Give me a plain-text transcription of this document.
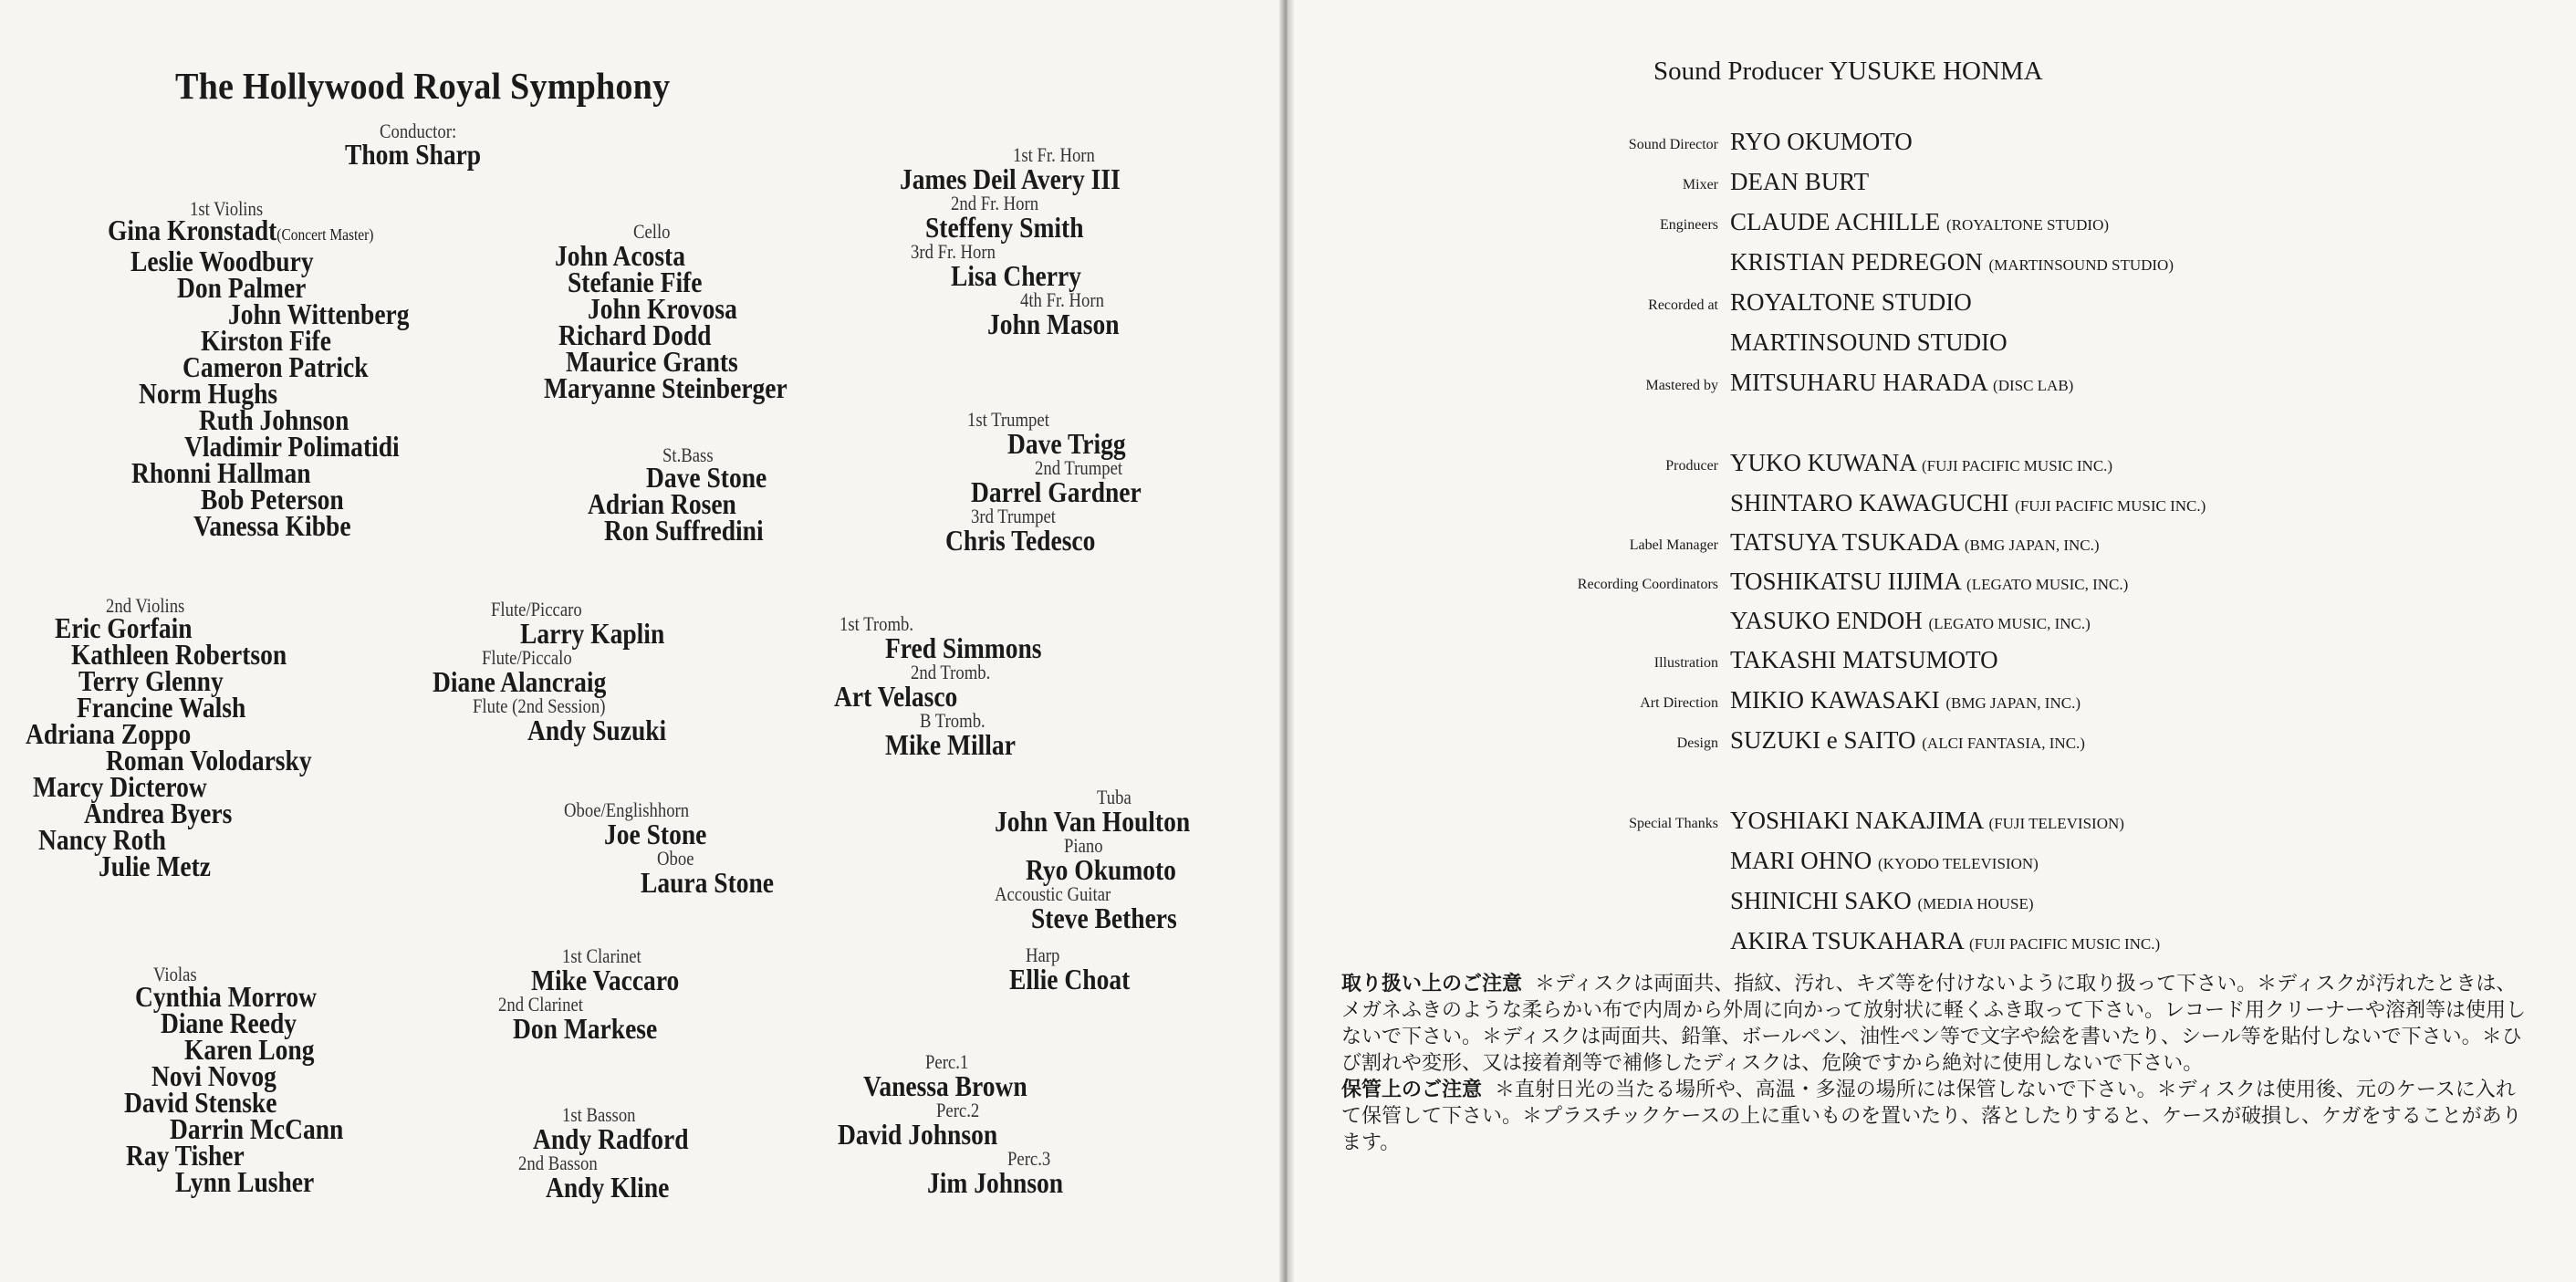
The Hollywood Royal Symphony
Conductor:
Thom Sharp
1st Violins
Gina Kronstadt(Concert Master)
Leslie Woodbury
Don Palmer
John Wittenberg
Kirston Fife
Cameron Patrick
Norm Hughs
Ruth Johnson
Vladimir Polimatidi
Rhonni Hallman
Bob Peterson
Vanessa Kibbe
Cello
John Acosta
Stefanie Fife
John Krovosa
Richard Dodd
Maurice Grants
Maryanne Steinberger
St.Bass
Dave Stone
Adrian Rosen
Ron Suffredini
1st Fr. Horn
James Deil Avery III
2nd Fr. Horn
Steffeny Smith
3rd Fr. Horn
Lisa Cherry
4th Fr. Horn
John Mason
1st Trumpet
Dave Trigg
2nd Trumpet
Darrel Gardner
3rd Trumpet
Chris Tedesco
2nd Violins
Eric Gorfain
Kathleen Robertson
Terry Glenny
Francine Walsh
Adriana Zoppo
Roman Volodarsky
Marcy Dicterow
Andrea Byers
Nancy Roth
Julie Metz
Flute/Piccaro
Larry Kaplin
Flute/Piccalo
Diane Alancraig
Flute (2nd Session)
Andy Suzuki
1st Tromb.
Fred Simmons
2nd Tromb.
Art Velasco
B Tromb.
Mike Millar
Oboe/Englishhorn
Joe Stone
Oboe
Laura Stone
Tuba
John Van Houlton
Piano
Ryo Okumoto
Accoustic Guitar
Steve Bethers
Harp
Ellie Choat
Violas
Cynthia Morrow
Diane Reedy
Karen Long
Novi Novog
David Stenske
Darrin McCann
Ray Tisher
Lynn Lusher
1st Clarinet
Mike Vaccaro
2nd Clarinet
Don Markese
1st Basson
Andy Radford
2nd Basson
Andy Kline
Perc.1
Vanessa Brown
Perc.2
David Johnson
Perc.3
Jim Johnson
Sound Producer YUSUKE HONMA
Sound Director RYO OKUMOTO
Mixer DEAN BURT
Engineers CLAUDE ACHILLE (ROYALTONE STUDIO)
KRISTIAN PEDREGON (MARTINSOUND STUDIO)
Recorded at ROYALTONE STUDIO
MARTINSOUND STUDIO
Mastered by MITSUHARU HARADA (DISC LAB)
Producer YUKO KUWANA (FUJI PACIFIC MUSIC INC.)
SHINTARO KAWAGUCHI (FUJI PACIFIC MUSIC INC.)
Label Manager TATSUYA TSUKADA (BMG JAPAN, INC.)
Recording Coordinators TOSHIKATSU IIJIMA (LEGATO MUSIC, INC.)
YASUKO ENDOH (LEGATO MUSIC, INC.)
Illustration TAKASHI MATSUMOTO
Art Direction MIKIO KAWASAKI (BMG JAPAN, INC.)
Design SUZUKI e SAITO (ALCI FANTASIA, INC.)
Special Thanks YOSHIAKI NAKAJIMA (FUJI TELEVISION)
MARI OHNO (KYODO TELEVISION)
SHINICHI SAKO (MEDIA HOUSE)
AKIRA TSUKAHARA (FUJI PACIFIC MUSIC INC.)

取り扱い上のご注意 ＊ディスクは両面共、指紋、汚れ、キズ等を付けないように取り扱って下さい。＊ディスクが汚れたときは、メガネふきのような柔らかい布で内周から外周に向かって放射状に軽くふき取って下さい。レコード用クリーナーや溶剤等は使用しないで下さい。＊ディスクは両面共、鉛筆、ボールペン、油性ペン等で文字や絵を書いたり、シール等を貼付しないで下さい。＊ひび割れや変形、又は接着剤等で補修したディスクは、危険ですから絶対に使用しないで下さい。

保管上のご注意 ＊直射日光の当たる場所や、高温・多湿の場所には保管しないで下さい。＊ディスクは使用後、元のケースに入れて保管して下さい。＊プラスチックケースの上に重いものを置いたり、落としたりすると、ケースが破損し、ケガをすることがあります。
